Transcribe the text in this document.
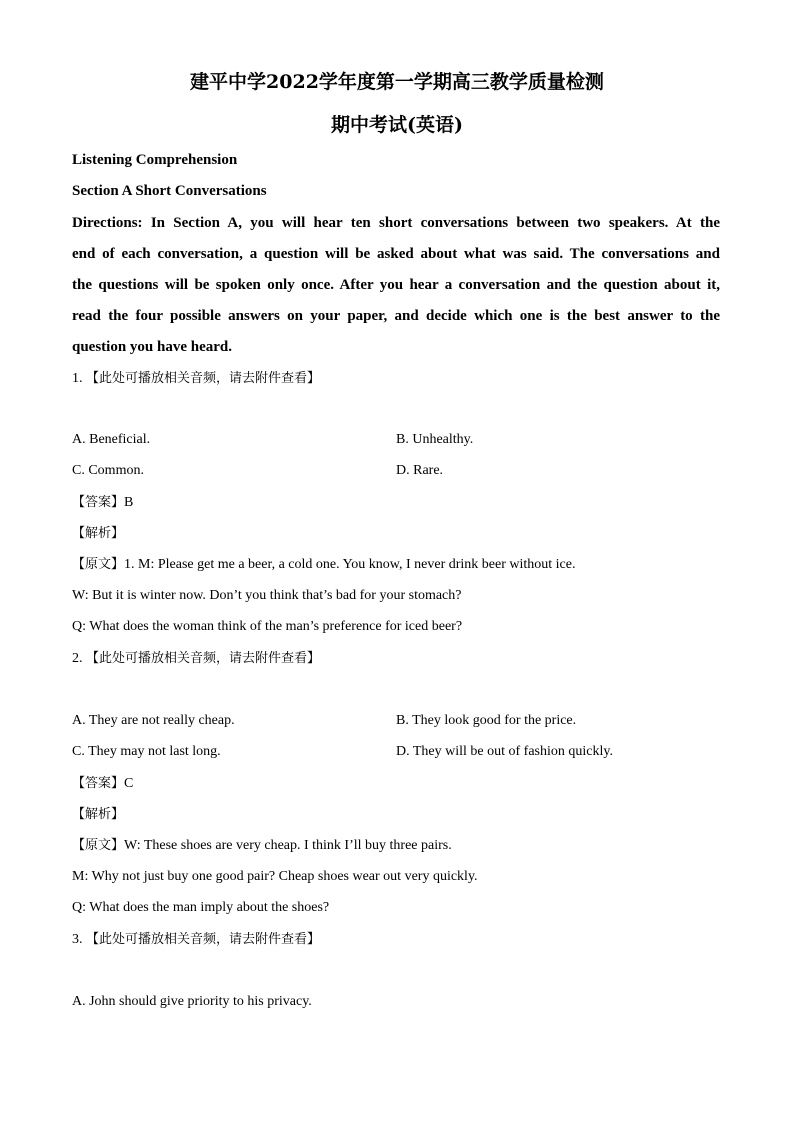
建平中学2022学年度第一学期高三教学质量检测
期中考试(英语)
Listening Comprehension
Section A Short Conversations
Directions: In Section A, you will hear ten short conversations between two speakers. At the
end of each conversation, a question will be asked about what was said. The conversations and
the questions will be spoken only once. After you hear a conversation and the question about it,
read the four possible answers on your paper, and decide which one is the best answer to the
question you have heard.
1. 【此处可播放相关音频，请去附件查看】
A. Beneficial.	B. Unhealthy.
C. Common.	D. Rare.
【答案】B
【解析】
【原文】1. M: Please get me a beer, a cold one. You know, I never drink beer without ice.
W: But it is winter now. Don’t you think that’s bad for your stomach?
Q: What does the woman think of the man’s preference for iced beer?
2. 【此处可播放相关音频，请去附件查看】
A. They are not really cheap.	B. They look good for the price.
C. They may not last long.	D. They will be out of fashion quickly.
【答案】C
【解析】
【原文】W: These shoes are very cheap. I think I’ll buy three pairs.
M: Why not just buy one good pair? Cheap shoes wear out very quickly.
Q: What does the man imply about the shoes?
3. 【此处可播放相关音频，请去附件查看】
A. John should give priority to his privacy.
